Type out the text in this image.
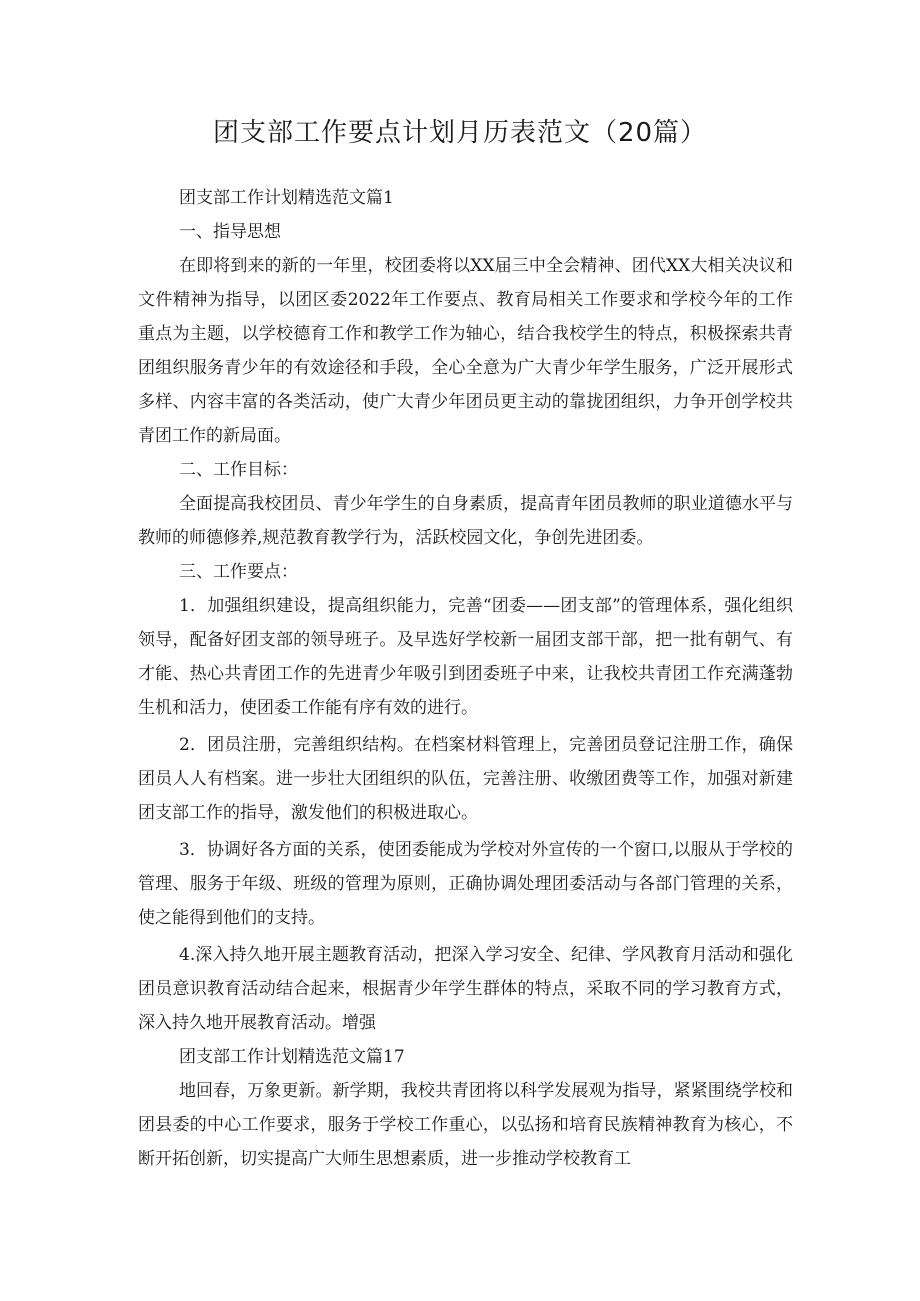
团支部工作要点计划月历表范文（20篇）

团支部工作计划精选范文篇1

一、指导思想

在即将到来的新的一年里，校团委将以XX届三中全会精神、团代XX大相关决议和文件精神为指导，以团区委2022年工作要点、教育局相关工作要求和学校今年的工作重点为主题，以学校德育工作和教学工作为轴心，结合我校学生的特点，积极探索共青团组织服务青少年的有效途径和手段，全心全意为广大青少年学生服务，广泛开展形式多样、内容丰富的各类活动，使广大青少年团员更主动的靠拢团组织，力争开创学校共青团工作的新局面。

二、工作目标：

全面提高我校团员、青少年学生的自身素质，提高青年团员教师的职业道德水平与教师的师德修养,规范教育教学行为，活跃校园文化，争创先进团委。

三、工作要点：

1．加强组织建设，提高组织能力，完善“团委——团支部”的管理体系，强化组织领导，配备好团支部的领导班子。及早选好学校新一届团支部干部，把一批有朝气、有才能、热心共青团工作的先进青少年吸引到团委班子中来，让我校共青团工作充满蓬勃生机和活力，使团委工作能有序有效的进行。

2．团员注册，完善组织结构。在档案材料管理上，完善团员登记注册工作，确保团员人人有档案。进一步壮大团组织的队伍，完善注册、收缴团费等工作，加强对新建团支部工作的指导，激发他们的积极进取心。

3．协调好各方面的关系，使团委能成为学校对外宣传的一个窗口,以服从于学校的管理、服务于年级、班级的管理为原则，正确协调处理团委活动与各部门管理的关系，使之能得到他们的支持。

4.深入持久地开展主题教育活动，把深入学习安全、纪律、学风教育月活动和强化团员意识教育活动结合起来，根据青少年学生群体的特点，采取不同的学习教育方式，深入持久地开展教育活动。增强

团支部工作计划精选范文篇17

地回春，万象更新。新学期，我校共青团将以科学发展观为指导，紧紧围绕学校和团县委的中心工作要求，服务于学校工作重心，以弘扬和培育民族精神教育为核心，不断开拓创新，切实提高广大师生思想素质，进一步推动学校教育工
